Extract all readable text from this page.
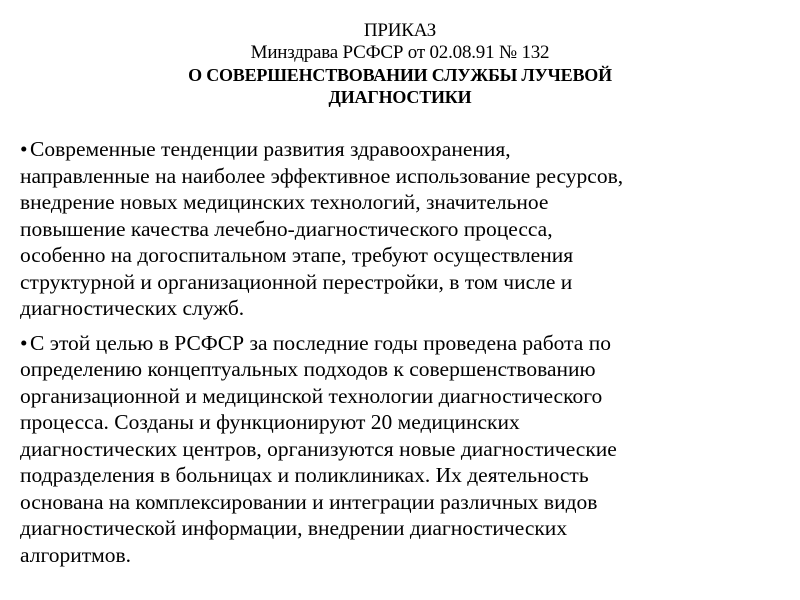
ПРИКАЗ
Минздрава РСФСР от 02.08.91 № 132
О СОВЕРШЕНСТВОВАНИИ СЛУЖБЫ ЛУЧЕВОЙ
ДИАГНОСТИКИ

• Современные тенденции развития здравоохранения,
направленные на наиболее эффективное использование ресурсов,
внедрение новых медицинских технологий, значительное
повышение качества лечебно-диагностического процесса,
особенно на догоспитальном этапе, требуют осуществления
структурной и организационной перестройки, в том числе и
диагностических служб.

• С этой целью в РСФСР за последние годы проведена работа по
определению концептуальных подходов к совершенствованию
организационной и медицинской технологии диагностического
процесса. Созданы и функционируют 20 медицинских
диагностических центров, организуются новые диагностические
подразделения в больницах и поликлиниках. Их деятельность
основана на комплексировании и интеграции различных видов
диагностической информации, внедрении диагностических
алгоритмов.
